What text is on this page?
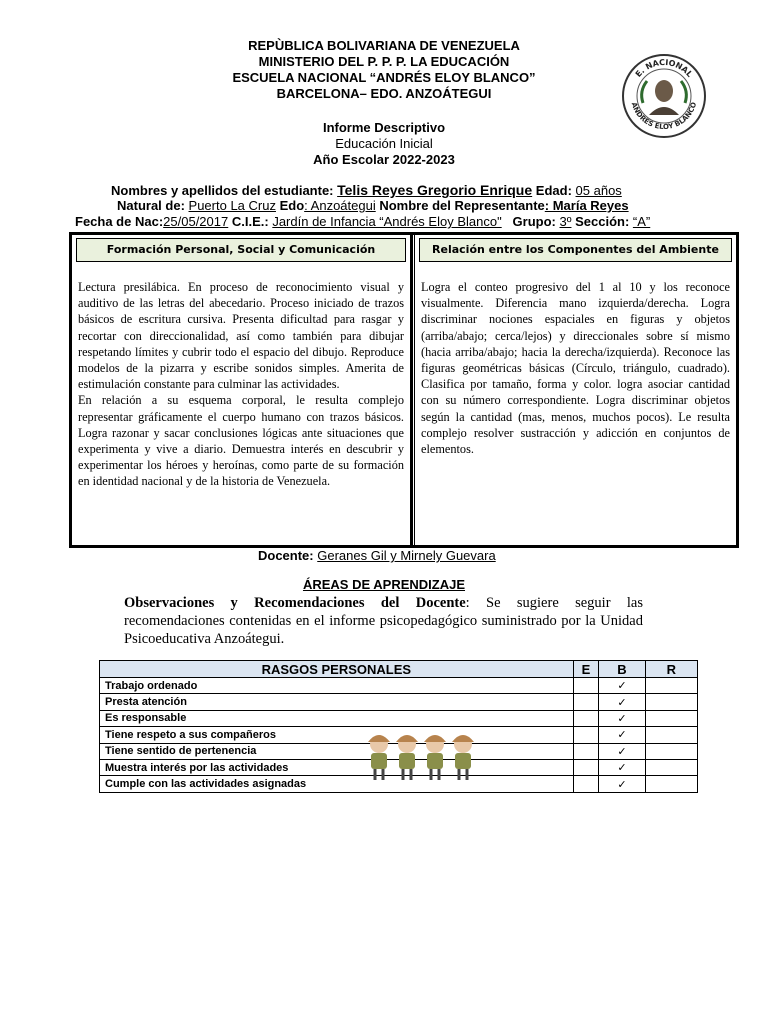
REPÙBLICA BOLIVARIANA DE VENEZUELA
MINISTERIO DEL P. P. P. LA EDUCACIÓN
ESCUELA NACIONAL “ANDRÉS ELOY BLANCO”
BARCELONA– EDO. ANZOÁTEGUI
E. NACIONAL
ANDRES ELOY BLANCO
Informe Descriptivo
Educación Inicial
Año Escolar 2022-2023
Nombres y apellidos del estudiante: Telis Reyes Gregorio Enrique Edad: 05 años
Natural de: Puerto La Cruz Edo: Anzoátegui Nombre del Representante: María Reyes
Fecha de Nac:25/05/2017 C.I.E.: Jardín de Infancia “Andrés Eloy Blanco" Grupo: 3º Sección: “A”
Formación Personal, Social y Comunicación
Lectura presilábica. En proceso de reconocimiento visual y auditivo de las letras del abecedario. Proceso iniciado de trazos básicos de escritura cursiva. Presenta dificultad para rasgar y recortar con direccionalidad, así como también para dibujar respetando límites y cubrir todo el espacio del dibujo. Reproduce modelos de la pizarra y escribe sonidos simples. Amerita de estimulación constante para culminar las actividades.
En relación a su esquema corporal, le resulta complejo representar gráficamente el cuerpo humano con trazos básicos. Logra razonar y sacar conclusiones lógicas ante situaciones que experimenta y vive a diario. Demuestra interés en descubrir y experimentar los héroes y heroínas, como parte de su formación en identidad nacional y de la historia de Venezuela.
Relación entre los Componentes del Ambiente
Logra el conteo progresivo del 1 al 10 y los reconoce visualmente. Diferencia mano izquierda/derecha. Logra discriminar nociones espaciales en figuras y objetos (arriba/abajo; cerca/lejos) y direccionales sobre sí mismo (hacia arriba/abajo; hacia la derecha/izquierda). Reconoce las figuras geométricas básicas (Círculo, triángulo, cuadrado). Clasifica por tamaño, forma y color. logra asociar cantidad con su número correspondiente. Logra discriminar objetos según la cantidad (mas, menos, muchos pocos). Le resulta complejo resolver sustracción y adicción en conjuntos de elementos.
Docente: Geranes Gil y Mirnely Guevara
ÁREAS DE APRENDIZAJE
Observaciones y Recomendaciones del Docente: Se sugiere seguir las recomendaciones contenidas en el informe psicopedagógico suministrado por la Unidad Psicoeducativa Anzoátegui.
RASGOS PERSONALES	E	B	R
Trabajo ordenado		✓	
Presta atención		✓	
Es responsable		✓	
Tiene respeto a sus compañeros		✓	
Tiene sentido de pertenencia		✓	
Muestra interés por las actividades		✓	
Cumple con las actividades asignadas		✓	
